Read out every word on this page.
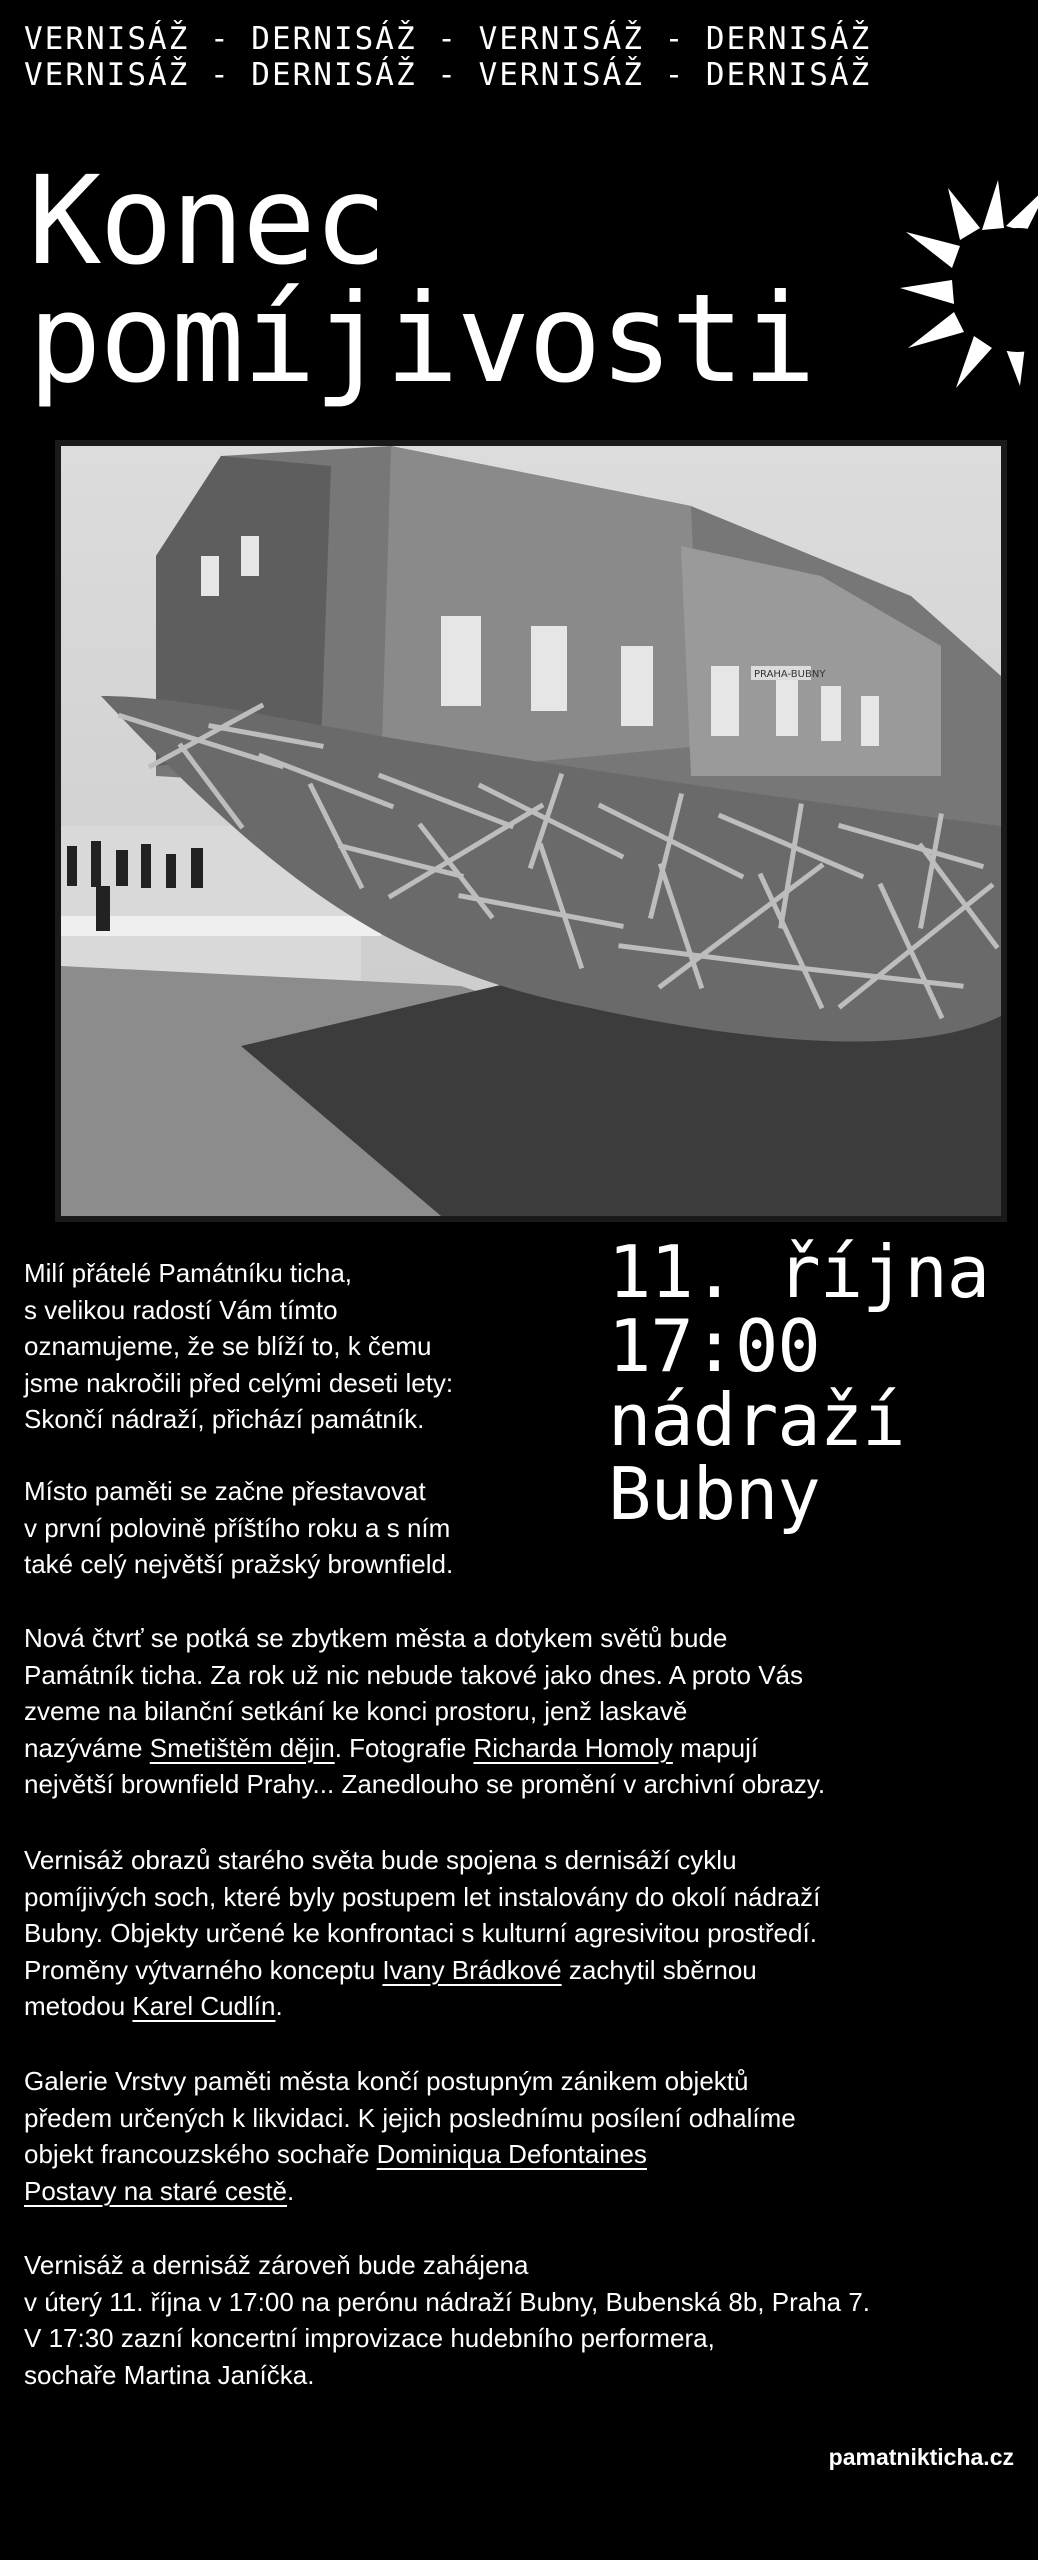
VERNISÁŽ - DERNISÁŽ - VERNISÁŽ - DERNISÁŽ
VERNISÁŽ - DERNISÁŽ - VERNISÁŽ - DERNISÁŽ
Konec
pomíjivosti
PRAHA-BUBNY
11. října
17:00
nádraží
Bubny
Milí přátelé Památníku ticha,
s velikou radostí Vám tímto
oznamujeme, že se blíží to, k čemu
jsme nakročili před celými deseti lety:
Skončí nádraží, přichází památník.
Místo paměti se začne přestavovat
v první polovině příštího roku a s ním
také celý největší pražský brownfield.
Nová čtvrť se potká se zbytkem města a dotykem světů bude
Památník ticha. Za rok už nic nebude takové jako dnes. A proto Vás
zveme na bilanční setkání ke konci prostoru, jenž laskavě
nazýváme Smetištěm dějin. Fotografie Richarda Homoly mapují
největší brownfield Prahy... Zanedlouho se promění v archivní obrazy.
Vernisáž obrazů starého světa bude spojena s dernisáží cyklu
pomíjivých soch, které byly postupem let instalovány do okolí nádraží
Bubny. Objekty určené ke konfrontaci s kulturní agresivitou prostředí.
Proměny výtvarného konceptu Ivany Brádkové zachytil sběrnou
metodou Karel Cudlín.
Galerie Vrstvy paměti města končí postupným zánikem objektů
předem určených k likvidaci. K jejich poslednímu posílení odhalíme
objekt francouzského sochaře Dominiqua Defontaines
Postavy na staré cestě.
Vernisáž a dernisáž zároveň bude zahájena
v úterý 11. října v 17:00 na perónu nádraží Bubny, Bubenská 8b, Praha 7.
V 17:30 zazní koncertní improvizace hudebního performera,
sochaře Martina Janíčka.
pamatnikticha.cz
